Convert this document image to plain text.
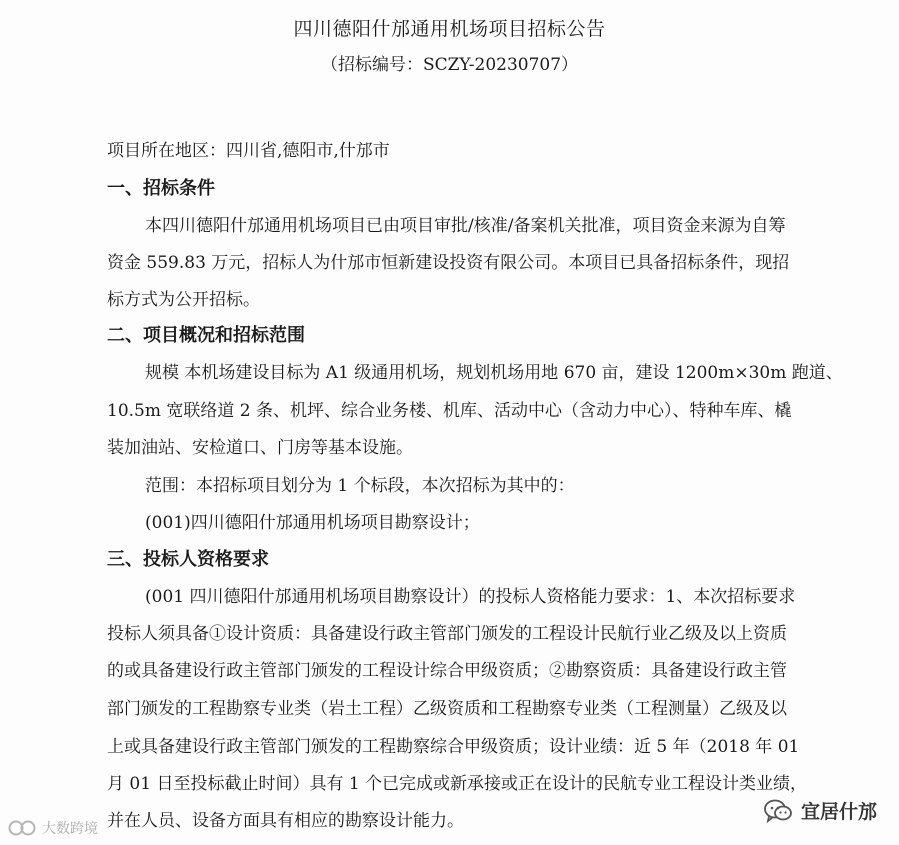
四川德阳什邡通用机场项目招标公告
（招标编号：SCZY-20230707）
项目所在地区：四川省,德阳市,什邡市
一、招标条件
本四川德阳什邡通用机场项目已由项目审批/核准/备案机关批准，项目资金来源为自筹
资金 559.83 万元，招标人为什邡市恒新建设投资有限公司。本项目已具备招标条件，现招
标方式为公开招标。
二、项目概况和招标范围
规模 本机场建设目标为 A1 级通用机场，规划机场用地 670 亩，建设 1200m×30m 跑道、
10.5m 宽联络道 2 条、机坪、综合业务楼、机库、活动中心（含动力中心）、特种车库、橇
装加油站、安检道口、门房等基本设施。
范围：本招标项目划分为 1 个标段，本次招标为其中的：
(001)四川德阳什邡通用机场项目勘察设计；
三、投标人资格要求
(001 四川德阳什邡通用机场项目勘察设计）的投标人资格能力要求：1、本次招标要求
投标人须具备①设计资质：具备建设行政主管部门颁发的工程设计民航行业乙级及以上资质
的或具备建设行政主管部门颁发的工程设计综合甲级资质；②勘察资质：具备建设行政主管
部门颁发的工程勘察专业类（岩土工程）乙级资质和工程勘察专业类（工程测量）乙级及以
上或具备建设行政主管部门颁发的工程勘察综合甲级资质；设计业绩：近 5 年（2018 年 01
月 01 日至投标截止时间）具有 1 个已完成或新承接或正在设计的民航专业工程设计类业绩，
并在人员、设备方面具有相应的勘察设计能力。	宜居什邡
大数跨境
